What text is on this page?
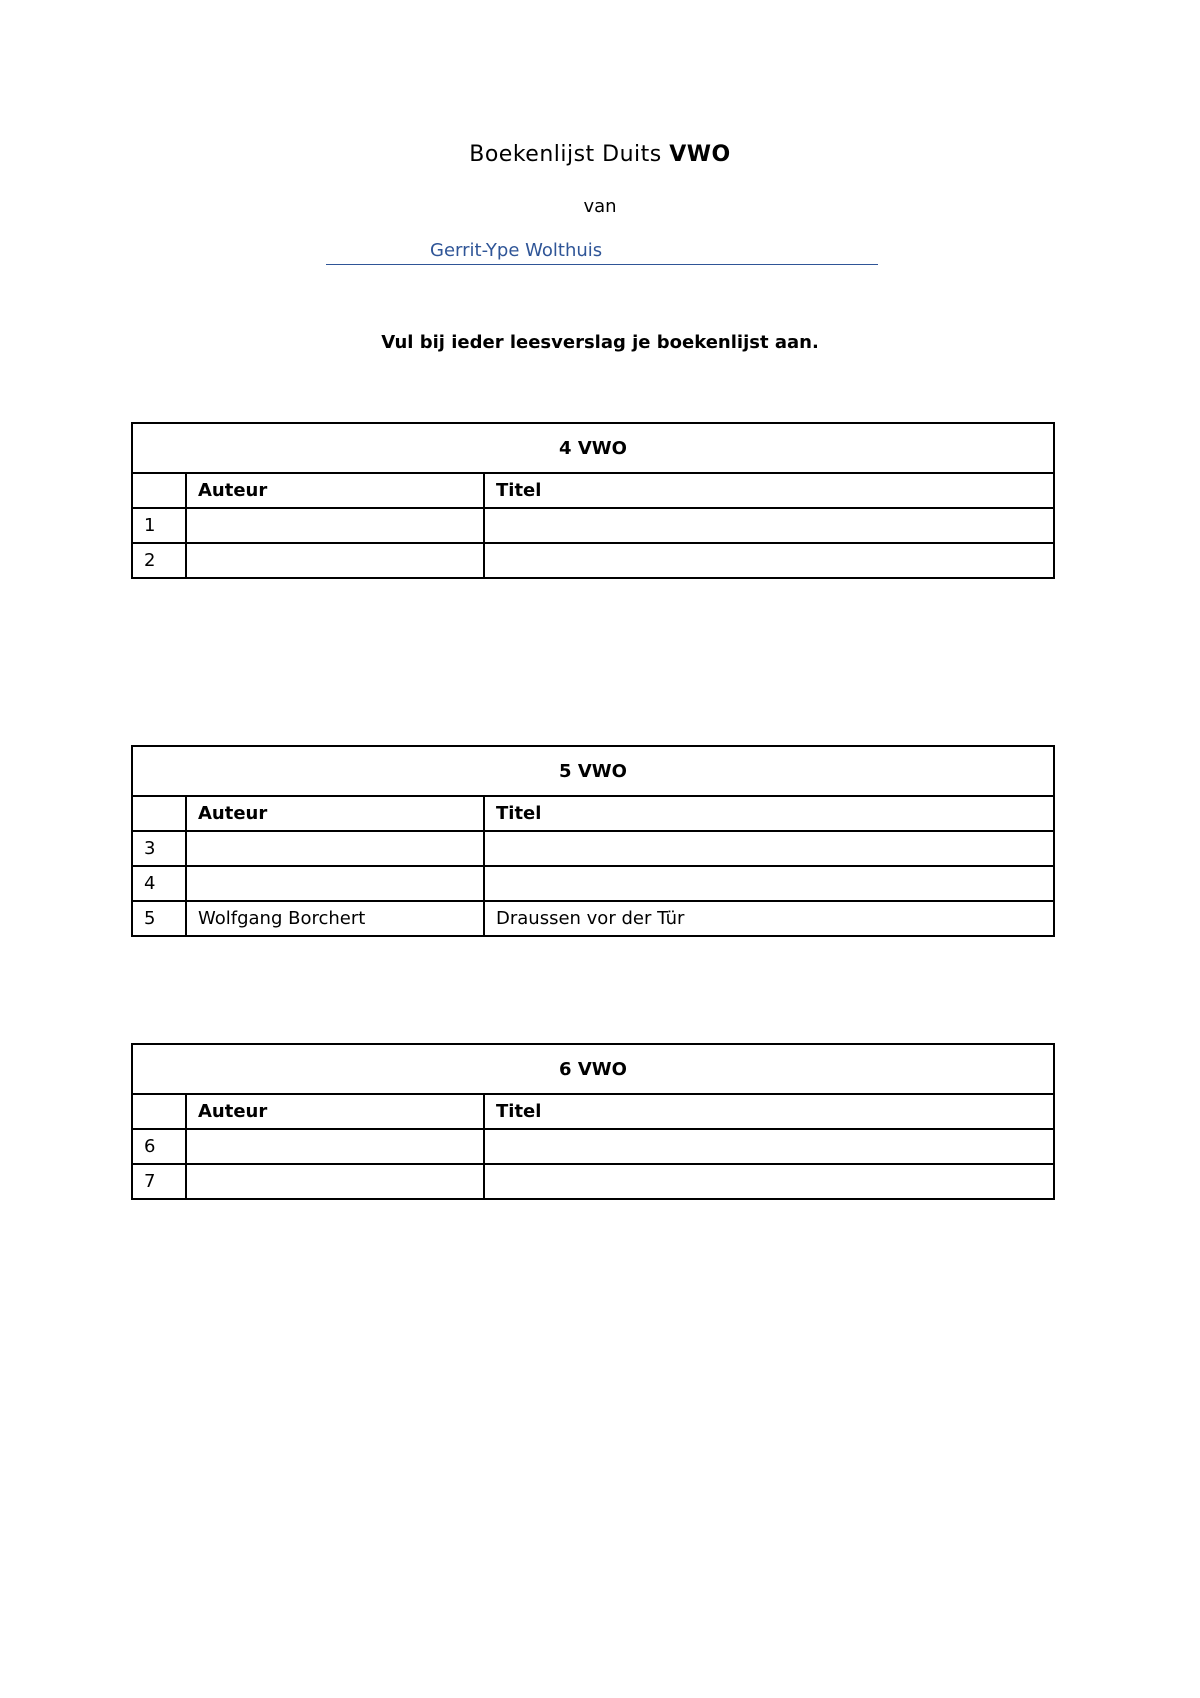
Boekenlijst Duits VWO
van
Gerrit-Ype Wolthuis
Vul bij ieder leesverslag je boekenlijst aan.
4 VWO		
	Auteur	Titel
1		
2		
5 VWO		
	Auteur	Titel
3		
4		
5	Wolfgang Borchert	Draussen vor der Tür
6 VWO		
	Auteur	Titel
6		
7		
